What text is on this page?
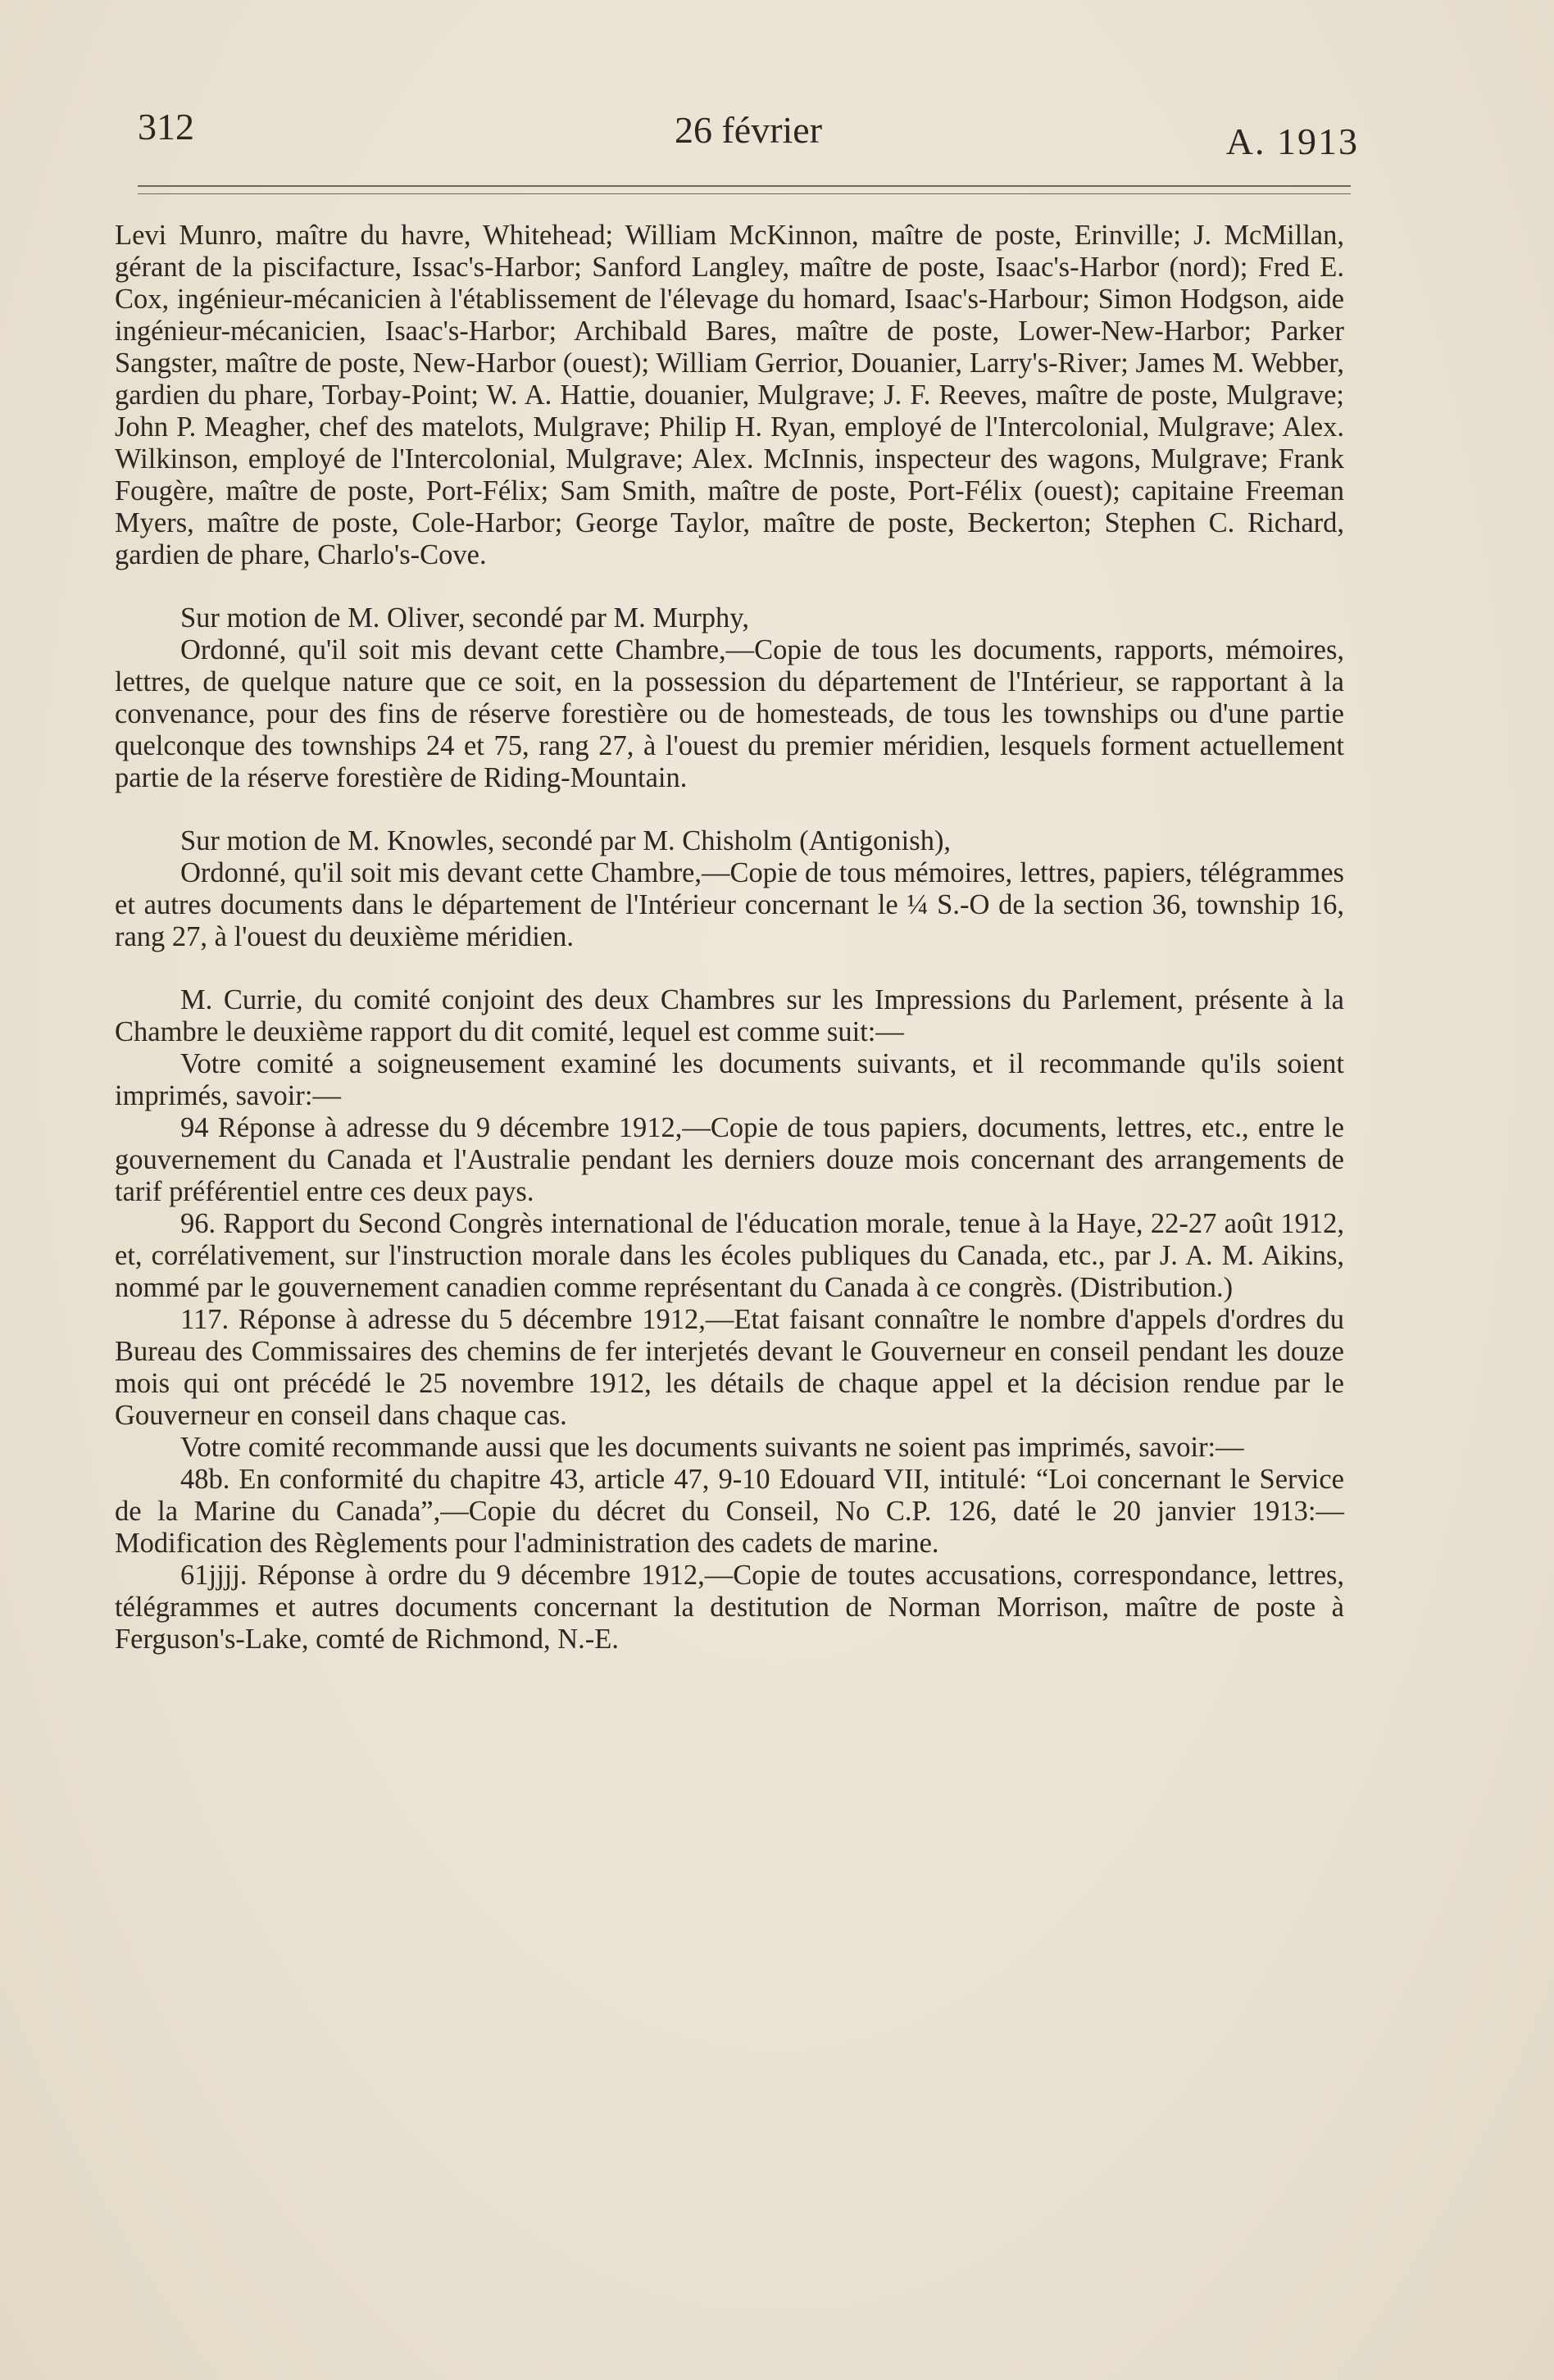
312	26 février	A. 1913

Levi Munro, maître du havre, Whitehead; William McKinnon, maître de poste, Erinville; J. McMillan, gérant de la piscifacture, Issac's-Harbor; Sanford Langley, maître de poste, Isaac's-Harbor (nord); Fred E. Cox, ingénieur-mécanicien à l'établissement de l'élevage du homard, Isaac's-Harbour; Simon Hodgson, aide ingénieur-mécanicien, Isaac's-Harbor; Archibald Bares, maître de poste, Lower-New-Harbor; Parker Sangster, maître de poste, New-Harbor (ouest); William Gerrior, Douanier, Larry's-River; James M. Webber, gardien du phare, Torbay-Point; W. A. Hattie, douanier, Mulgrave; J. F. Reeves, maître de poste, Mulgrave; John P. Meagher, chef des matelots, Mulgrave; Philip H. Ryan, employé de l'Intercolonial, Mulgrave; Alex. Wilkinson, employé de l'Intercolonial, Mulgrave; Alex. McInnis, inspecteur des wagons, Mulgrave; Frank Fougère, maître de poste, Port-Félix; Sam Smith, maître de poste, Port-Félix (ouest); capitaine Freeman Myers, maître de poste, Cole-Harbor; George Taylor, maître de poste, Beckerton; Stephen C. Richard, gardien de phare, Charlo's-Cove.

Sur motion de M. Oliver, secondé par M. Murphy,

Ordonné, qu'il soit mis devant cette Chambre,—Copie de tous les documents, rapports, mémoires, lettres, de quelque nature que ce soit, en la possession du département de l'Intérieur, se rapportant à la convenance, pour des fins de réserve forestière ou de homesteads, de tous les townships ou d'une partie quelconque des townships 24 et 75, rang 27, à l'ouest du premier méridien, lesquels forment actuellement partie de la réserve forestière de Riding-Mountain.

Sur motion de M. Knowles, secondé par M. Chisholm (Antigonish),

Ordonné, qu'il soit mis devant cette Chambre,—Copie de tous mémoires, lettres, papiers, télégrammes et autres documents dans le département de l'Intérieur concernant le ¼ S.-O de la section 36, township 16, rang 27, à l'ouest du deuxième méridien.

M. Currie, du comité conjoint des deux Chambres sur les Impressions du Parlement, présente à la Chambre le deuxième rapport du dit comité, lequel est comme suit:—

Votre comité a soigneusement examiné les documents suivants, et il recommande qu'ils soient imprimés, savoir:—

94 Réponse à adresse du 9 décembre 1912,—Copie de tous papiers, documents, lettres, etc., entre le gouvernement du Canada et l'Australie pendant les derniers douze mois concernant des arrangements de tarif préférentiel entre ces deux pays.

96. Rapport du Second Congrès international de l'éducation morale, tenue à la Haye, 22-27 août 1912, et, corrélativement, sur l'instruction morale dans les écoles publiques du Canada, etc., par J. A. M. Aikins, nommé par le gouvernement canadien comme représentant du Canada à ce congrès. (Distribution.)

117. Réponse à adresse du 5 décembre 1912,—Etat faisant connaître le nombre d'appels d'ordres du Bureau des Commissaires des chemins de fer interjetés devant le Gouverneur en conseil pendant les douze mois qui ont précédé le 25 novembre 1912, les détails de chaque appel et la décision rendue par le Gouverneur en conseil dans chaque cas.

Votre comité recommande aussi que les documents suivants ne soient pas imprimés, savoir:—

48b. En conformité du chapitre 43, article 47, 9-10 Edouard VII, intitulé: “Loi concernant le Service de la Marine du Canada”,—Copie du décret du Conseil, No C.P. 126, daté le 20 janvier 1913:—Modification des Règlements pour l'administration des cadets de marine.

61jjjj. Réponse à ordre du 9 décembre 1912,—Copie de toutes accusations, correspondance, lettres, télégrammes et autres documents concernant la destitution de Norman Morrison, maître de poste à Ferguson's-Lake, comté de Richmond, N.-E.
